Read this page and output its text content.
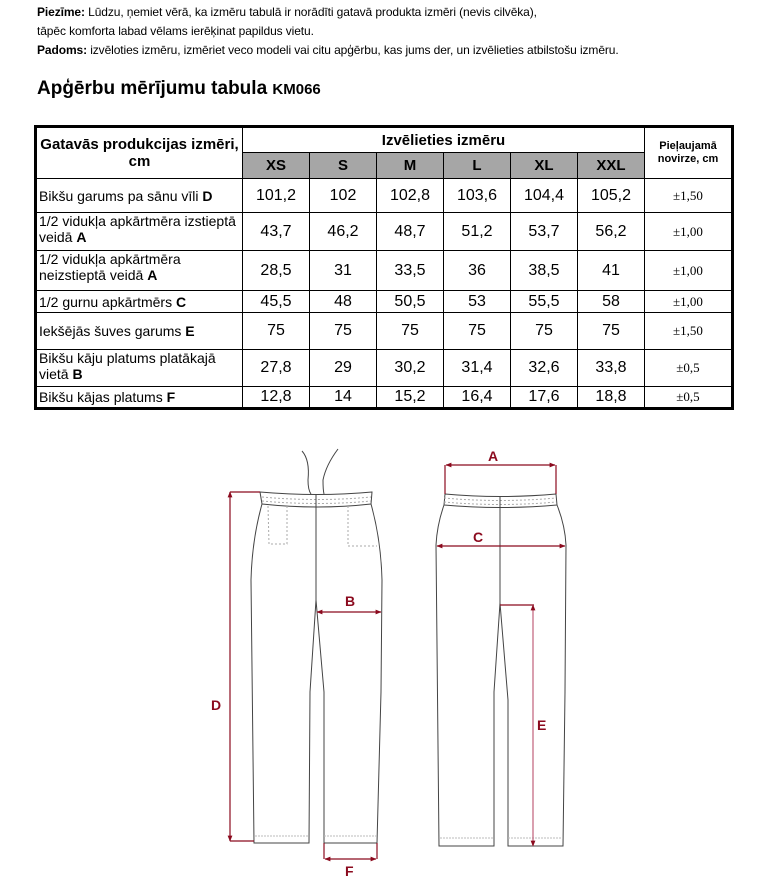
Piezīme: Lūdzu, ņemiet vērā, ka izmēru tabulā ir norādīti gatavā produkta izmēri (nevis cilvēka),

tāpēc komforta labad vēlams ierēķinat papildus vietu.

Padoms: izvēloties izmēru, izmēriet veco modeli vai citu apģērbu, kas jums der, un izvēlieties atbilstošu izmēru.

Apģērbu mērījumu tabula KM066
Gatavās produkcijas izmēri, cm	Izvēlieties izmēru						Pieļaujamā novirze, cm
	XS	S	M	L	XL	XXL	
Bikšu garums pa sānu vīli D	101,2	102	102,8	103,6	104,4	105,2	±1,50
1/2 vidukļa apkārtmēra izstieptā veidā A	43,7	46,2	48,7	51,2	53,7	56,2	±1,00
1/2 vidukļa apkārtmēra neizstieptā veidā A	28,5	31	33,5	36	38,5	41	±1,00
1/2 gurnu apkārtmērs C	45,5	48	50,5	53	55,5	58	±1,00
Iekšējās šuves garums E	75	75	75	75	75	75	±1,50
Bikšu kāju platums platākajā vietā B	27,8	29	30,2	31,4	32,6	33,8	±0,5
Bikšu kājas platums F	12,8	14	15,2	16,4	17,6	18,8	±0,5
D
B
F
A
C
E
